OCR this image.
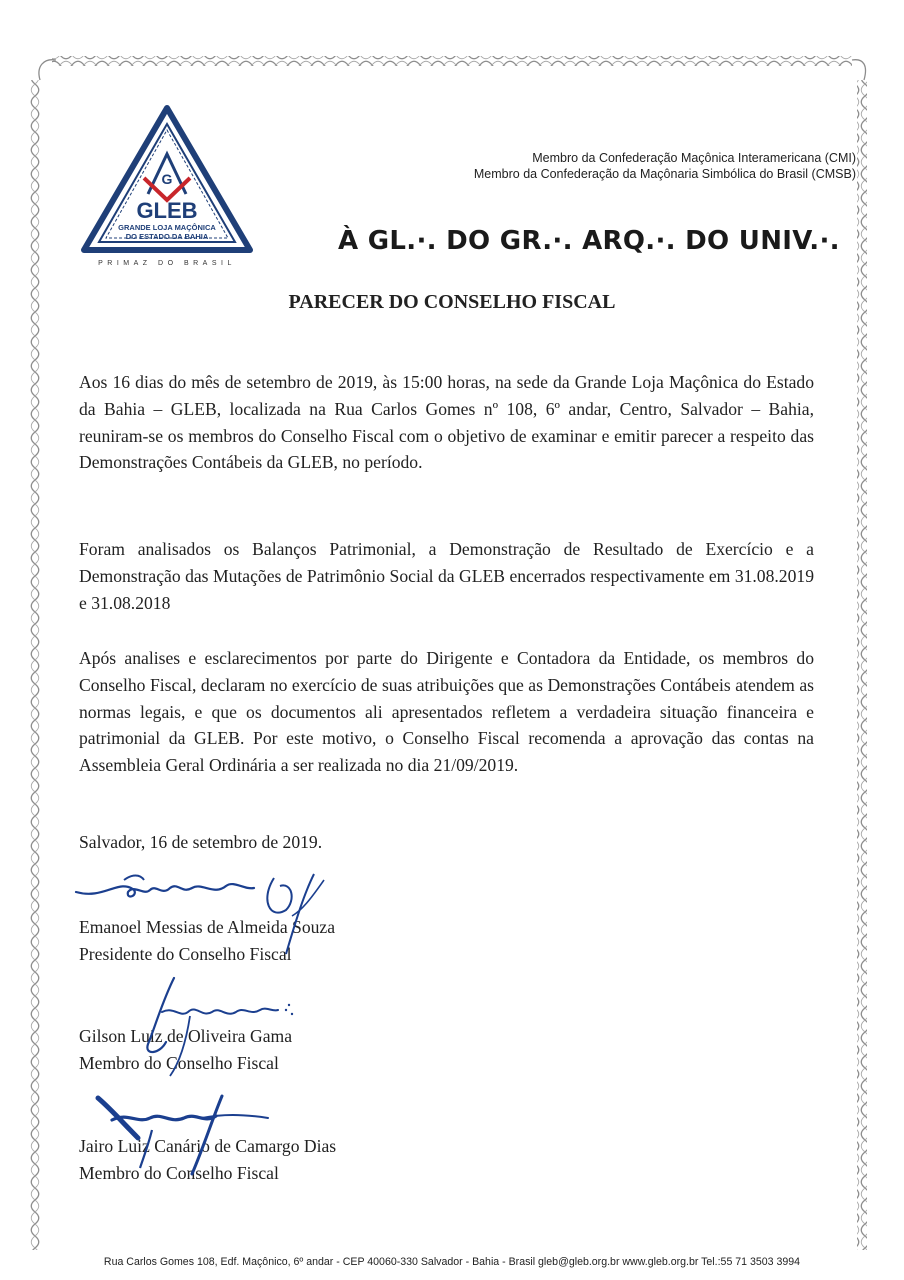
G
GLEB
GRANDE LOJA MAÇÔNICA
DO ESTADO DA BAHIA
PRIMAZ DO BRASIL
Membro da Confederação Maçônica Interamericana (CMI)
Membro da Confederação da Maçônaria Simbólica do Brasil (CMSB)
À GL.·. DO GR.·. ARQ.·. DO UNIV.·.
PARECER DO CONSELHO FISCAL
Aos 16 dias do mês de setembro de 2019, às 15:00 horas, na sede da Grande Loja Maçônica do Estado da Bahia – GLEB, localizada na Rua Carlos Gomes nº 108, 6º andar, Centro, Salvador – Bahia, reuniram-se os membros do Conselho Fiscal com o objetivo de examinar e emitir parecer a respeito das Demonstrações Contábeis da GLEB, no período.
Foram analisados os Balanços Patrimonial, a Demonstração de Resultado de Exercício e a Demonstração das Mutações de Patrimônio Social da GLEB encerrados respectivamente em 31.08.2019 e 31.08.2018
Após analises e esclarecimentos por parte do Dirigente e Contadora da Entidade, os membros do Conselho Fiscal, declaram no exercício de suas atribuições que as Demonstrações Contábeis atendem as normas legais, e que os documentos ali apresentados refletem a verdadeira situação financeira e patrimonial da GLEB. Por este motivo, o Conselho Fiscal recomenda a aprovação das contas na Assembleia Geral Ordinária a ser realizada no dia 21/09/2019.
Salvador, 16 de setembro de 2019.
Emanoel Messias de Almeida Souza
Presidente do Conselho Fiscal
Gilson Luiz de Oliveira Gama
Membro do Conselho Fiscal
Jairo Luiz Canário de Camargo Dias
Membro do Conselho Fiscal
Rua Carlos Gomes 108, Edf. Maçônico, 6º andar - CEP 40060-330 Salvador - Bahia - Brasil gleb@gleb.org.br www.gleb.org.br Tel.:55 71 3503 3994
